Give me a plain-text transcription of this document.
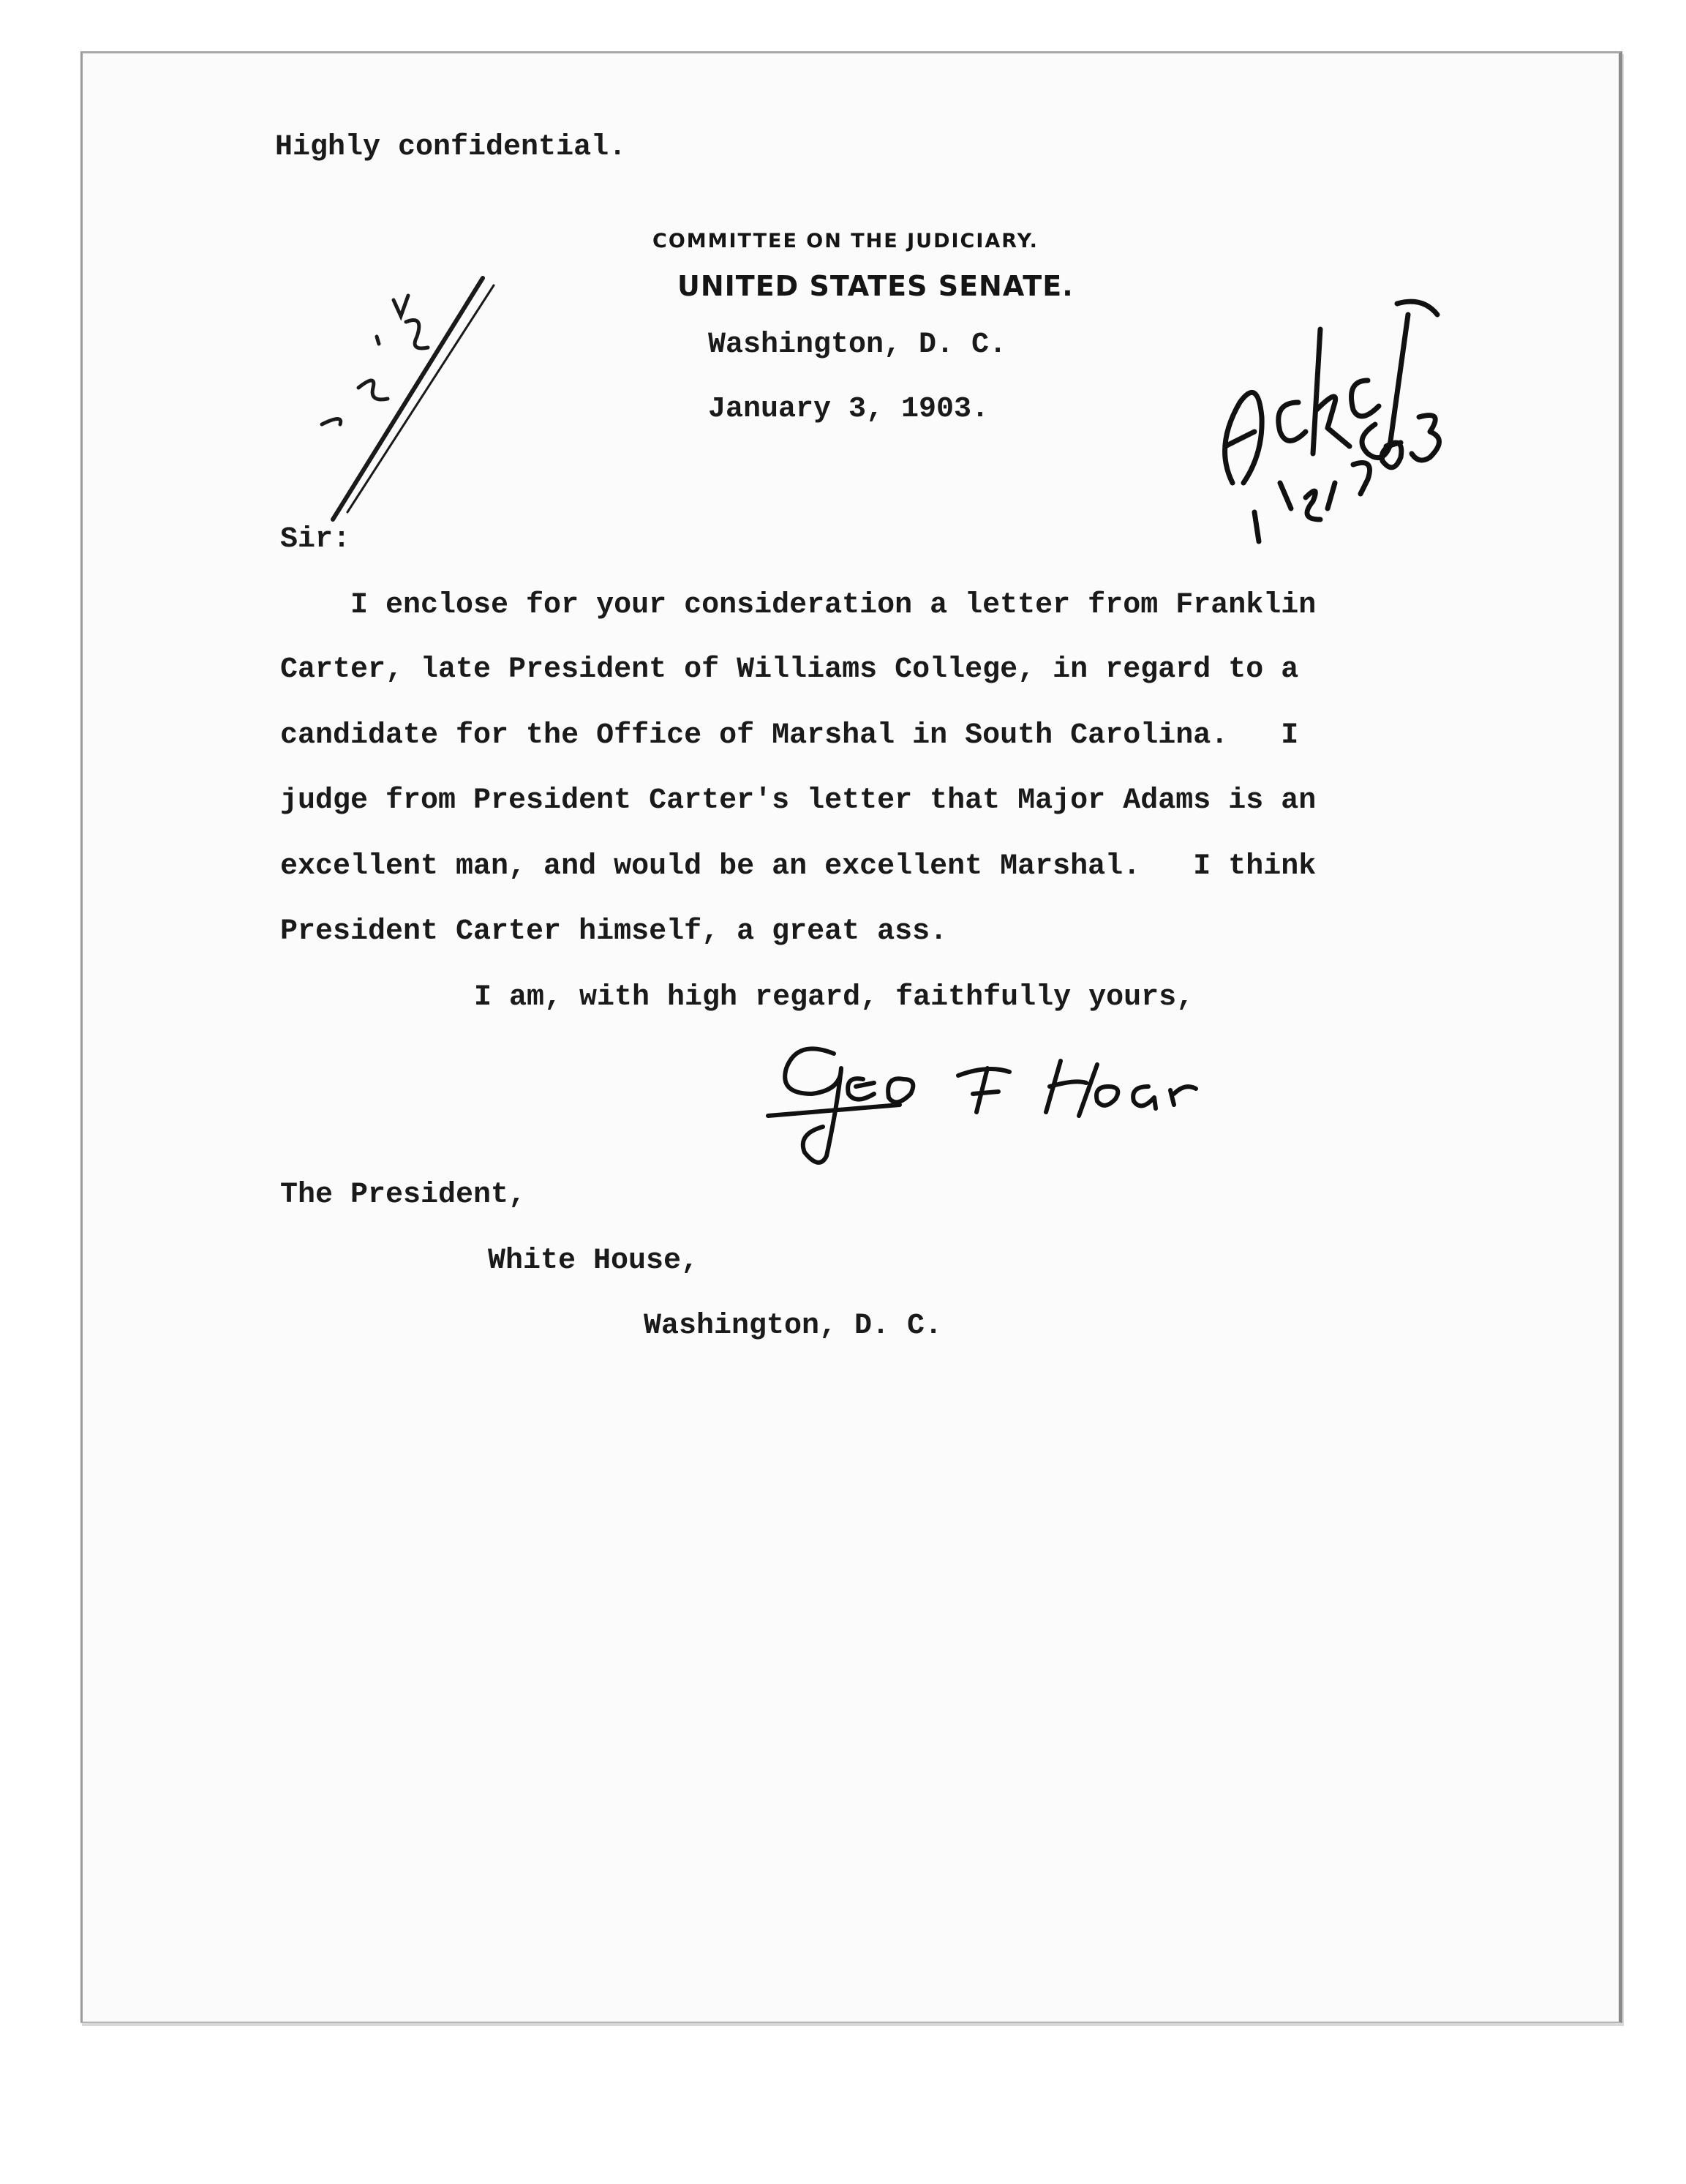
Highly confidential.
COMMITTEE ON THE JUDICIARY.
UNITED STATES SENATE.
Washington, D. C.
January 3, 1903.
Sir:
I enclose for your consideration a letter from Franklin
Carter, late President of Williams College, in regard to a
candidate for the Office of Marshal in South Carolina.   I
judge from President Carter's letter that Major Adams is an
excellent man, and would be an excellent Marshal.   I think
President Carter himself, a great ass.
I am, with high regard, faithfully yours,
The President,
White House,
Washington, D. C.
